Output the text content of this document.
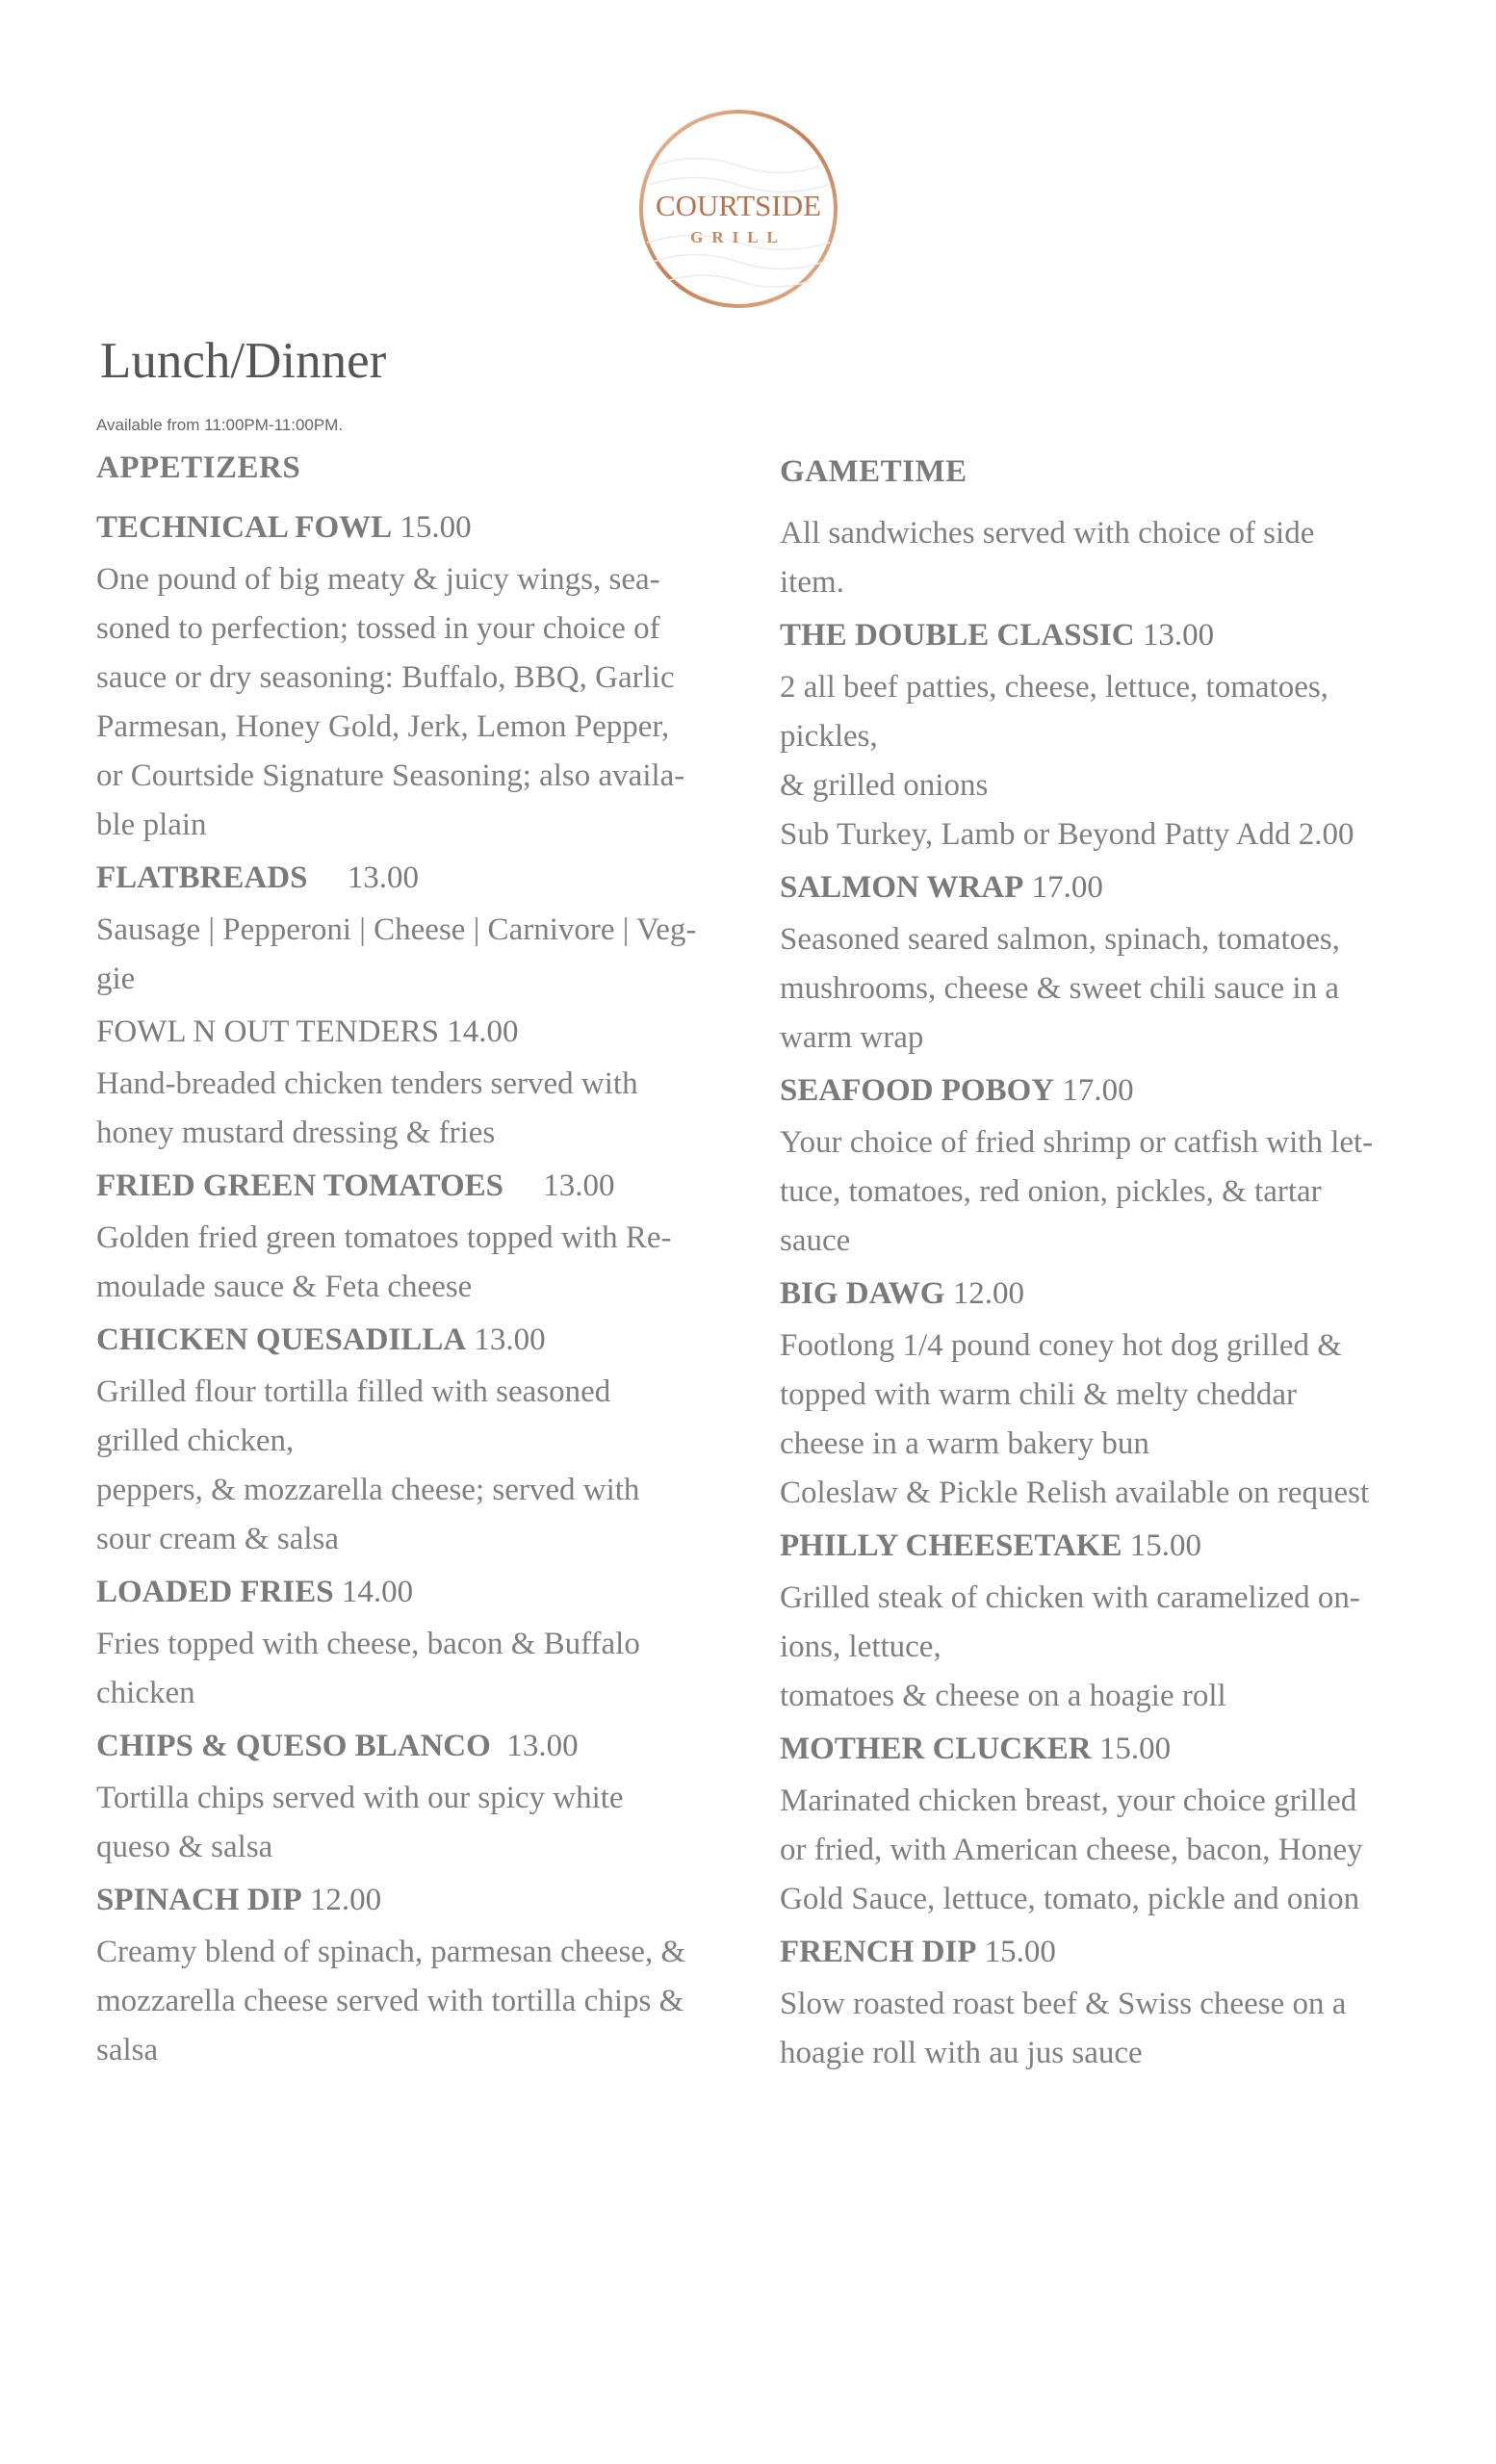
COURTSIDE
GRILL
Lunch/Dinner
Available from 11:00PM-11:00PM.
APPETIZERS
TECHNICAL FOWL 15.00

One pound of big meaty & juicy wings, sea-

soned to perfection; tossed in your choice of

sauce or dry seasoning: Buffalo, BBQ, Garlic

Parmesan, Honey Gold, Jerk, Lemon Pepper,

or Courtside Signature Seasoning; also availa-

ble plain

FLATBREADS 13.00

Sausage | Pepperoni | Cheese | Carnivore | Veg-

gie

FOWL N OUT TENDERS 14.00

Hand-breaded chicken tenders served with

honey mustard dressing & fries

FRIED GREEN TOMATOES 13.00

Golden fried green tomatoes topped with Re-

moulade sauce & Feta cheese

CHICKEN QUESADILLA 13.00

Grilled flour tortilla filled with seasoned

grilled chicken,

peppers, & mozzarella cheese; served with

sour cream & salsa

LOADED FRIES 14.00

Fries topped with cheese, bacon & Buffalo

chicken

CHIPS & QUESO BLANCO 13.00

Tortilla chips served with our spicy white

queso & salsa

SPINACH DIP 12.00

Creamy blend of spinach, parmesan cheese, &

mozzarella cheese served with tortilla chips &

salsa

GAMETIME

All sandwiches served with choice of side

item.

THE DOUBLE CLASSIC 13.00

2 all beef patties, cheese, lettuce, tomatoes,

pickles,

& grilled onions

Sub Turkey, Lamb or Beyond Patty Add 2.00

SALMON WRAP 17.00

Seasoned seared salmon, spinach, tomatoes,

mushrooms, cheese & sweet chili sauce in a

warm wrap

SEAFOOD POBOY 17.00

Your choice of fried shrimp or catfish with let-

tuce, tomatoes, red onion, pickles, & tartar

sauce

BIG DAWG 12.00

Footlong 1/4 pound coney hot dog grilled &

topped with warm chili & melty cheddar

cheese in a warm bakery bun

Coleslaw & Pickle Relish available on request

PHILLY CHEESETAKE 15.00

Grilled steak of chicken with caramelized on-

ions, lettuce,

tomatoes & cheese on a hoagie roll

MOTHER CLUCKER 15.00

Marinated chicken breast, your choice grilled

or fried, with American cheese, bacon, Honey

Gold Sauce, lettuce, tomato, pickle and onion

FRENCH DIP 15.00

Slow roasted roast beef & Swiss cheese on a

hoagie roll with au jus sauce
